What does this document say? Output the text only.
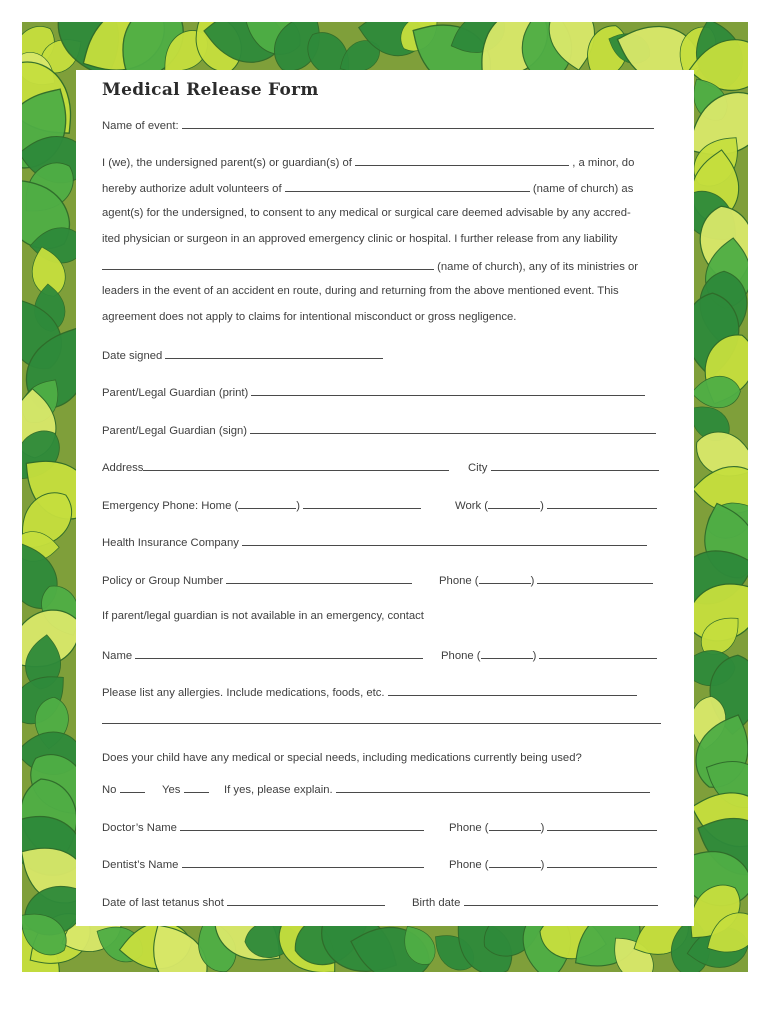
Medical Release Form
Name of event:
I (we), the undersigned parent(s) or guardian(s) of	, a minor, do
hereby authorize adult volunteers of	(name of church) as
agent(s) for the undersigned, to consent to any medical or surgical care deemed advisable by any accred-
ited physician or surgeon in an approved emergency clinic or hospital. I further release from any liability
(name of church), any of its ministries or
leaders in the event of an accident en route, during and returning from the above mentioned event. This
agreement does not apply to claims for intentional misconduct or gross negligence.
Date signed
Parent/Legal Guardian (print)
Parent/Legal Guardian (sign)
Address	City
Emergency Phone: Home (	)	Work (	)
Health Insurance Company
Policy or Group Number	Phone (	)
If parent/legal guardian is not available in an emergency, contact
Name	Phone (	)
Please list any allergies. Include medications, foods, etc.
Does your child have any medical or special needs, including medications currently being used?
No	Yes	If yes, please explain.
Doctor’s Name	Phone (	)
Dentist’s Name	Phone (	)
Date of last tetanus shot	Birth date
